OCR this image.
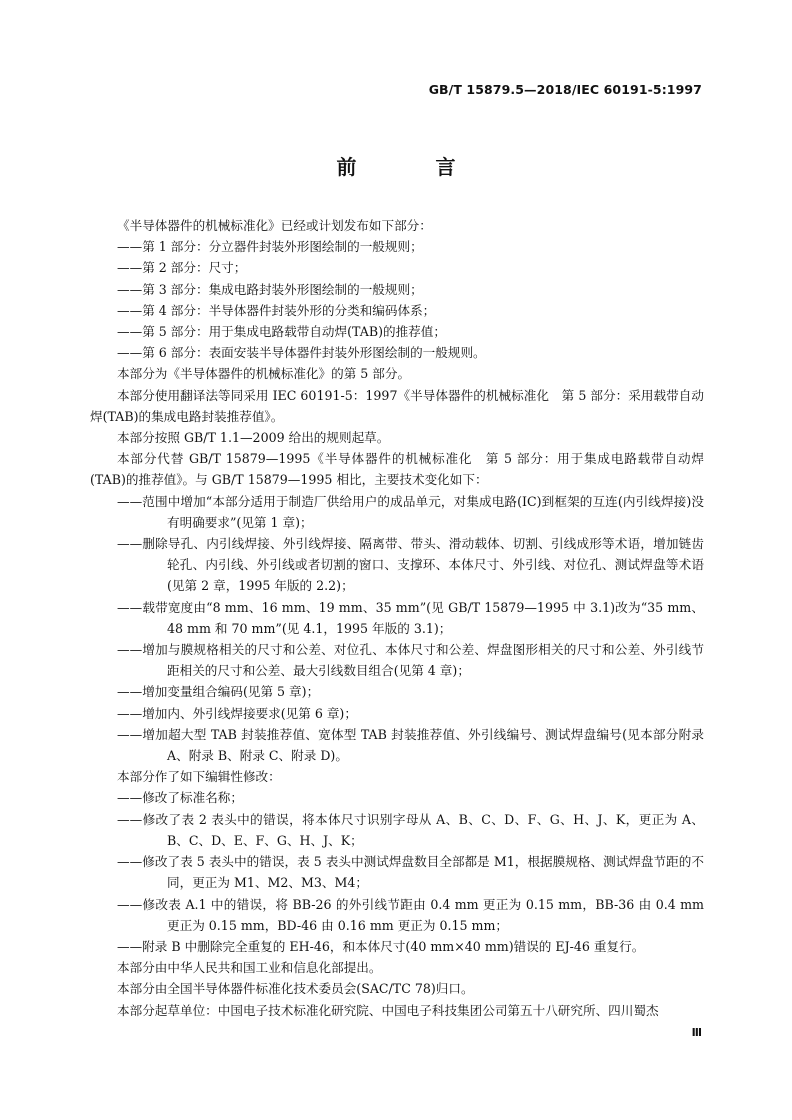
GB/T 15879.5—2018/IEC 60191-5:1997
前 言

《半导体器件的机械标准化》已经或计划发布如下部分：

——第 1 部分：分立器件封装外形图绘制的一般规则；

——第 2 部分：尺寸；

——第 3 部分：集成电路封装外形图绘制的一般规则；

——第 4 部分：半导体器件封装外形的分类和编码体系；

——第 5 部分：用于集成电路载带自动焊(TAB)的推荐值；

——第 6 部分：表面安装半导体器件封装外形图绘制的一般规则。

本部分为《半导体器件的机械标准化》的第 5 部分。

本部分使用翻译法等同采用 IEC 60191-5：1997《半导体器件的机械标准化　第 5 部分：采用载带自动焊(TAB)的集成电路封装推荐值》。

本部分按照 GB/T 1.1—2009 给出的规则起草。

本部分代替 GB/T 15879—1995《半导体器件的机械标准化　第 5 部分：用于集成电路载带自动焊(TAB)的推荐值》。与 GB/T 15879—1995 相比，主要技术变化如下：

——范围中增加“本部分适用于制造厂供给用户的成品单元，对集成电路(IC)到框架的互连(内引线焊接)没有明确要求”(见第 1 章)；

——删除导孔、内引线焊接、外引线焊接、隔离带、带头、滑动载体、切割、引线成形等术语，增加链齿轮孔、内引线、外引线或者切割的窗口、支撑环、本体尺寸、外引线、对位孔、测试焊盘等术语(见第 2 章，1995 年版的 2.2)；

——载带宽度由“8 mm、16 mm、19 mm、35 mm”(见 GB/T 15879—1995 中 3.1)改为“35 mm、48 mm 和 70 mm”(见 4.1，1995 年版的 3.1)；

——增加与膜规格相关的尺寸和公差、对位孔、本体尺寸和公差、焊盘图形相关的尺寸和公差、外引线节距相关的尺寸和公差、最大引线数目组合(见第 4 章)；

——增加变量组合编码(见第 5 章)；

——增加内、外引线焊接要求(见第 6 章)；

——增加超大型 TAB 封装推荐值、宽体型 TAB 封装推荐值、外引线编号、测试焊盘编号(见本部分附录 A、附录 B、附录 C、附录 D)。

本部分作了如下编辑性修改：

——修改了标准名称；

——修改了表 2 表头中的错误，将本体尺寸识别字母从 A、B、C、D、F、G、H、J、K，更正为 A、B、C、D、E、F、G、H、J、K；

——修改了表 5 表头中的错误，表 5 表头中测试焊盘数目全部都是 M1，根据膜规格、测试焊盘节距的不同，更正为 M1、M2、M3、M4；

——修改表 A.1 中的错误，将 BB-26 的外引线节距由 0.4 mm 更正为 0.15 mm，BB-36 由 0.4 mm 更正为 0.15 mm，BD-46 由 0.16 mm 更正为 0.15 mm；

——附录 B 中删除完全重复的 EH-46，和本体尺寸(40 mm×40 mm)错误的 EJ-46 重复行。

本部分由中华人民共和国工业和信息化部提出。

本部分由全国半导体器件标准化技术委员会(SAC/TC 78)归口。

本部分起草单位：中国电子技术标准化研究院、中国电子科技集团公司第五十八研究所、四川蜀杰

Ⅲ
